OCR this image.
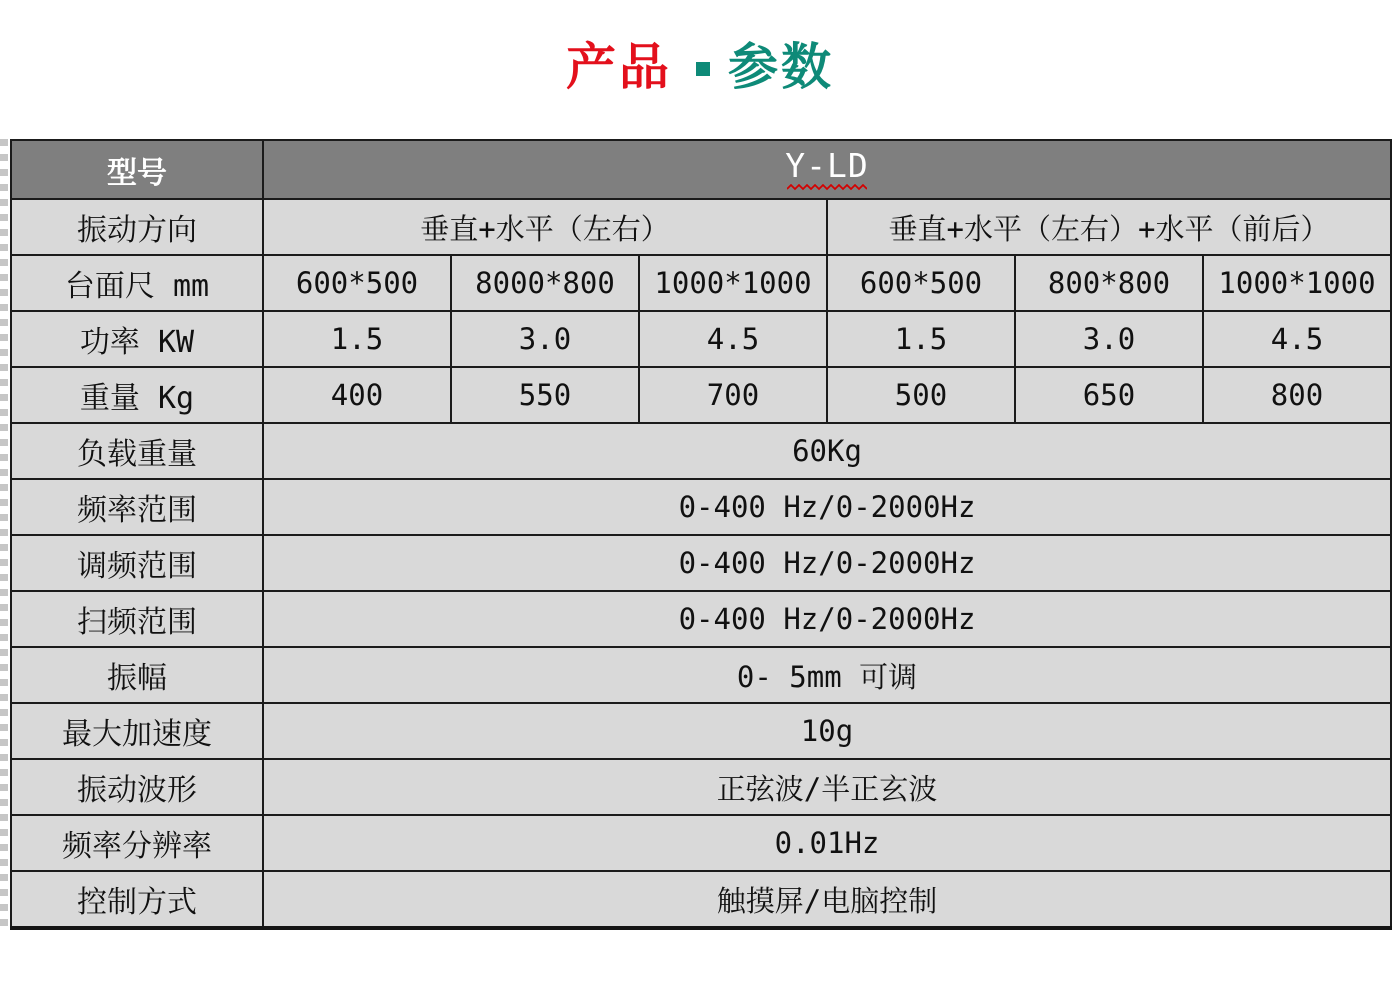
产品 参数
型号	Y-LD					

振动方向	垂直+水平（左右）			垂直+水平（左右）+水平（前后）		
台面尺 mm	600*500	8000*800	1000*1000	600*500	800*800	1000*1000
功率 KW	1.5	3.0	4.5	1.5	3.0	4.5
重量 Kg	400	550	700	500	650	800
负载重量	60Kg					
频率范围	0-400 Hz/0-2000Hz					
调频范围	0-400 Hz/0-2000Hz					
扫频范围	0-400 Hz/0-2000Hz					
振幅	0- 5mm 可调					
最大加速度	10g					
振动波形	正弦波/半正玄波					
频率分辨率	0.01Hz					
控制方式	触摸屏/电脑控制					
